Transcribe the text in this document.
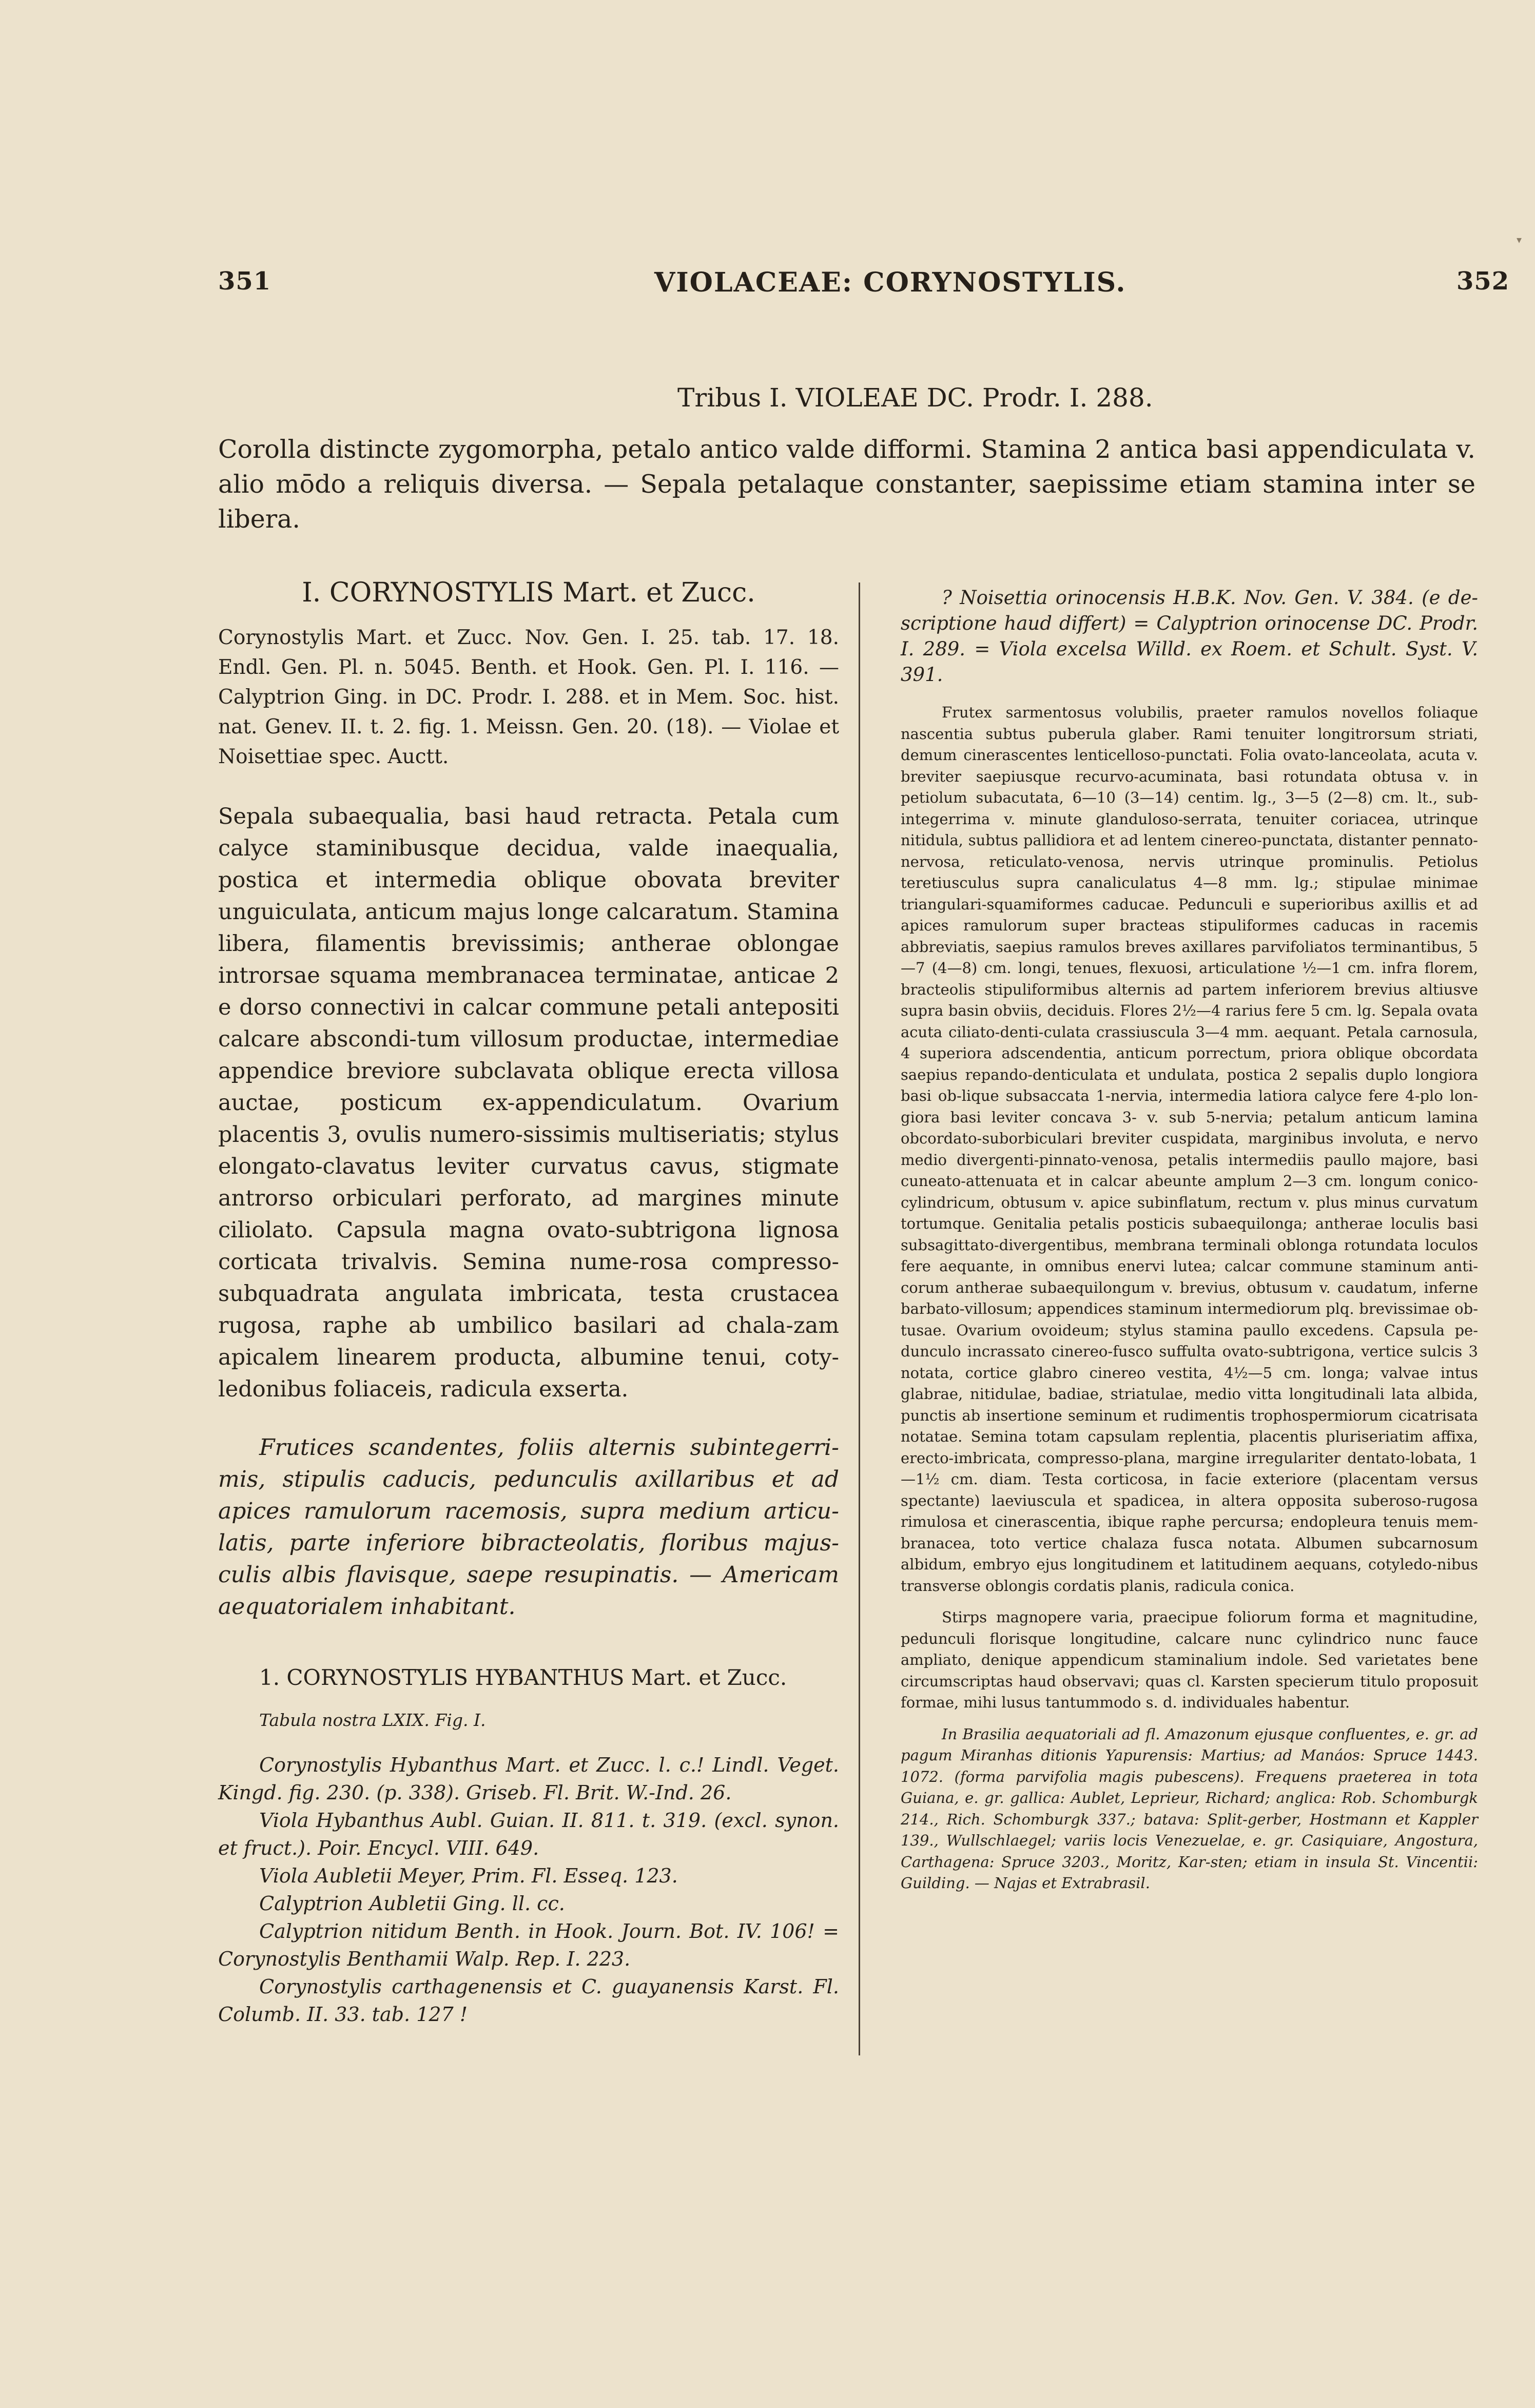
351	VIOLACEAE: CORYNOSTYLIS.	352
▾
Tribus I. VIOLEAE DC. Prodr. I. 288.

Corolla distincte zygomorpha, petalo antico valde difformi. Stamina 2 antica basi appendiculata v. alio mōdo a reliquis diversa. — Sepala petalaque constanter, saepissime etiam stamina inter se libera.

I. CORYNOSTYLIS Mart. et Zucc.

Corynostylis Mart. et Zucc. Nov. Gen. I. 25. tab. 17. 18. Endl. Gen. Pl. n. 5045. Benth. et Hook. Gen. Pl. I. 116. — Calyptrion Ging. in DC. Prodr. I. 288. et in Mem. Soc. hist. nat. Genev. II. t. 2. fig. 1. Meissn. Gen. 20. (18). — Violae et Noisettiae spec. Auctt.

Sepala subaequalia, basi haud retracta. Petala cum calyce staminibusque decidua, valde inaequalia, postica et intermedia oblique obovata breviter unguiculata, anticum majus longe calcaratum. Stamina libera, filamentis brevissimis; antherae oblongae introrsae squama membranacea terminatae, anticae 2 e dorso connectivi in calcar commune petali antepositi calcare abscondi-tum villosum productae, intermediae appendice breviore subclavata oblique erecta villosa auctae, posticum ex-appendiculatum. Ovarium placentis 3, ovulis numero-sissimis multiseriatis; stylus elongato-clavatus leviter curvatus cavus, stigmate antrorso orbiculari perforato, ad margines minute ciliolato. Capsula magna ovato-subtrigona lignosa corticata trivalvis. Semina nume-rosa compresso-subquadrata angulata imbricata, testa crustacea rugosa, raphe ab umbilico basilari ad chala-zam apicalem linearem producta, albumine tenui, coty-ledonibus foliaceis, radicula exserta.

Frutices scandentes, foliis alternis subintegerri-mis, stipulis caducis, pedunculis axillaribus et ad apices ramulorum racemosis, supra medium articu-latis, parte inferiore bibracteolatis, floribus majus-culis albis flavisque, saepe resupinatis. — Americam aequatorialem inhabitant.

1. CORYNOSTYLIS HYBANTHUS Mart. et Zucc.
Tabula nostra LXIX. Fig. I.

Corynostylis Hybanthus Mart. et Zucc. l. c.! Lindl. Veget. Kingd. fig. 230. (p. 338). Griseb. Fl. Brit. W.-Ind. 26.

Viola Hybanthus Aubl. Guian. II. 811. t. 319. (excl. synon. et fruct.). Poir. Encycl. VIII. 649.

Viola Aubletii Meyer, Prim. Fl. Esseq. 123.

Calyptrion Aubletii Ging. ll. cc.

Calyptrion nitidum Benth. in Hook. Journ. Bot. IV. 106! = Corynostylis Benthamii Walp. Rep. I. 223.

Corynostylis carthagenensis et C. guayanensis Karst. Fl. Columb. II. 33. tab. 127 !

? Noisettia orinocensis H.B.K. Nov. Gen. V. 384. (e de-scriptione haud differt) = Calyptrion orinocense DC. Prodr. I. 289. = Viola excelsa Willd. ex Roem. et Schult. Syst. V. 391.

Frutex sarmentosus volubilis, praeter ramulos novellos foliaque nascentia subtus puberula glaber. Rami tenuiter longitrorsum striati, demum cinerascentes lenticelloso-punctati. Folia ovato-lanceolata, acuta v. breviter saepiusque recurvo-acuminata, basi rotundata obtusa v. in petiolum subacutata, 6—10 (3—14) centim. lg., 3—5 (2—8) cm. lt., sub-integerrima v. minute glanduloso-serrata, tenuiter coriacea, utrinque nitidula, subtus pallidiora et ad lentem cinereo-punctata, distanter pennato-nervosa, reticulato-venosa, nervis utrinque prominulis. Petiolus teretiusculus supra canaliculatus 4—8 mm. lg.; stipulae minimae triangulari-squamiformes caducae. Pedunculi e superioribus axillis et ad apices ramulorum super bracteas stipuliformes caducas in racemis abbreviatis, saepius ramulos breves axillares parvifoliatos terminantibus, 5—7 (4—8) cm. longi, tenues, flexuosi, articulatione ½—1 cm. infra florem, bracteolis stipuliformibus alternis ad partem inferiorem brevius altiusve supra basin obviis, deciduis. Flores 2½—4 rarius fere 5 cm. lg. Sepala ovata acuta ciliato-denti-culata crassiuscula 3—4 mm. aequant. Petala carnosula, 4 superiora adscendentia, anticum porrectum, priora oblique obcordata saepius repando-denticulata et undulata, postica 2 sepalis duplo longiora basi ob-lique subsaccata 1-nervia, intermedia latiora calyce fere 4-plo lon-giora basi leviter concava 3- v. sub 5-nervia; petalum anticum lamina obcordato-suborbiculari breviter cuspidata, marginibus involuta, e nervo medio divergenti-pinnato-venosa, petalis intermediis paullo majore, basi cuneato-attenuata et in calcar abeunte amplum 2—3 cm. longum conico-cylindricum, obtusum v. apice subinflatum, rectum v. plus minus curvatum tortumque. Genitalia petalis posticis subaequilonga; antherae loculis basi subsagittato-divergentibus, membrana terminali oblonga rotundata loculos fere aequante, in omnibus enervi lutea; calcar commune staminum anti-corum antherae subaequilongum v. brevius, obtusum v. caudatum, inferne barbato-villosum; appendices staminum intermediorum plq. brevissimae ob-tusae. Ovarium ovoideum; stylus stamina paullo excedens. Capsula pe-dunculo incrassato cinereo-fusco suffulta ovato-subtrigona, vertice sulcis 3 notata, cortice glabro cinereo vestita, 4½—5 cm. longa; valvae intus glabrae, nitidulae, badiae, striatulae, medio vitta longitudinali lata albida, punctis ab insertione seminum et rudimentis trophospermiorum cicatrisata notatae. Semina totam capsulam replentia, placentis pluriseriatim affixa, erecto-imbricata, compresso-plana, margine irregulariter dentato-lobata, 1—1½ cm. diam. Testa corticosa, in facie exteriore (placentam versus spectante) laeviuscula et spadicea, in altera opposita suberoso-rugosa rimulosa et cinerascentia, ibique raphe percursa; endopleura tenuis mem-branacea, toto vertice chalaza fusca notata. Albumen subcarnosum albidum, embryo ejus longitudinem et latitudinem aequans, cotyledo-nibus transverse oblongis cordatis planis, radicula conica.

Stirps magnopere varia, praecipue foliorum forma et magnitudine, pedunculi florisque longitudine, calcare nunc cylindrico nunc fauce ampliato, denique appendicum staminalium indole. Sed varietates bene circumscriptas haud observavi; quas cl. Karsten specierum titulo proposuit formae, mihi lusus tantummodo s. d. individuales habentur.

In Brasilia aequatoriali ad fl. Amazonum ejusque confluentes, e. gr. ad pagum Miranhas ditionis Yapurensis: Martius; ad Manáos: Spruce 1443. 1072. (forma parvifolia magis pubescens). Frequens praeterea in tota Guiana, e. gr. gallica: Aublet, Leprieur, Richard; anglica: Rob. Schomburgk 214., Rich. Schomburgk 337.; batava: Split-gerber, Hostmann et Kappler 139., Wullschlaegel; variis locis Venezuelae, e. gr. Casiquiare, Angostura, Carthagena: Spruce 3203., Moritz, Kar-sten; etiam in insula St. Vincentii: Guilding. — Najas et Extrabrasil.
